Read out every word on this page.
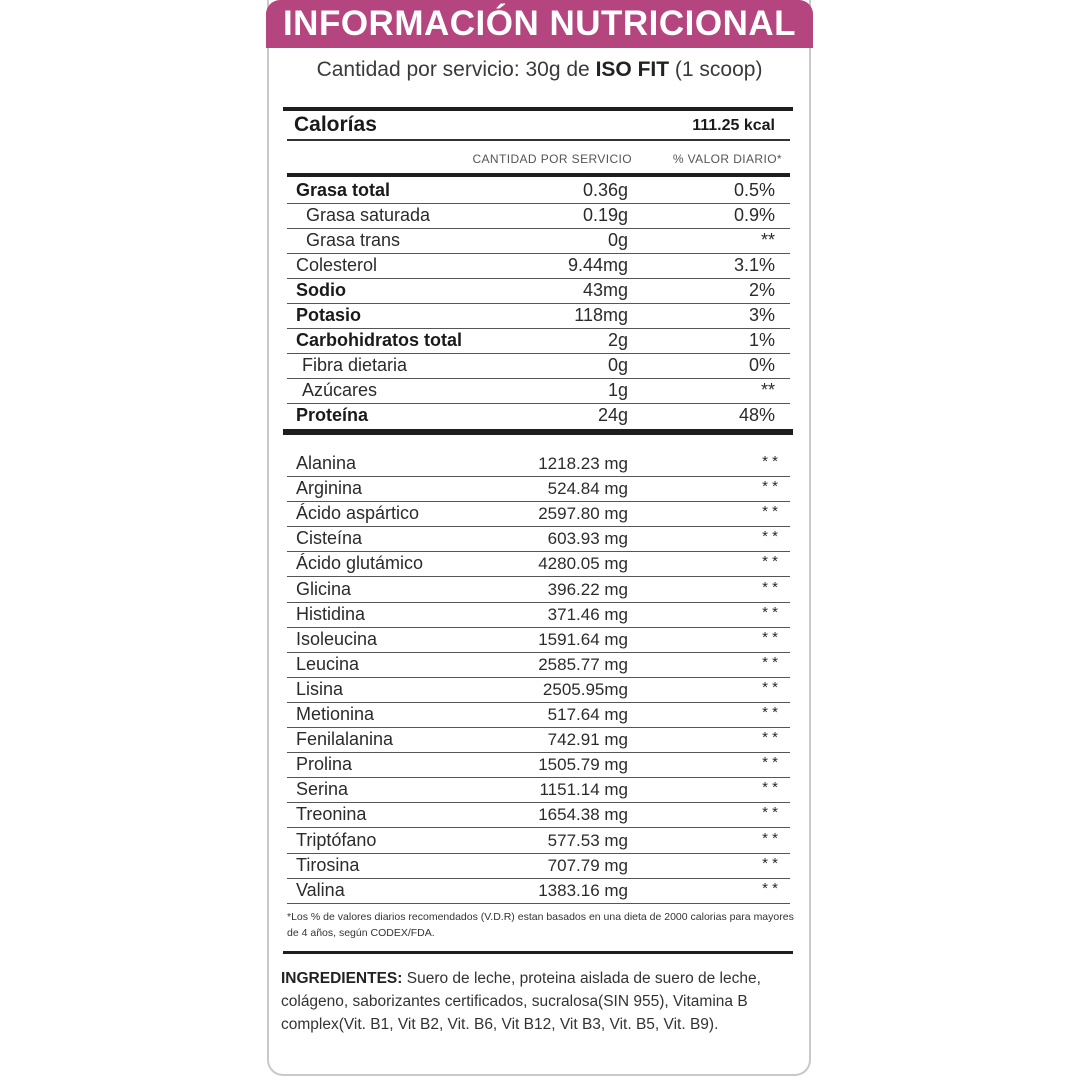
INFORMACIÓN NUTRICIONAL
Cantidad por servicio: 30g de ISO FIT (1 scoop)
Calorías	111.25 kcal
CANTIDAD POR SERVICIO	% VALOR DIARIO*
Grasa total	0.36g	0.5%
Grasa saturada	0.19g	0.9%
Grasa trans	0g	**
Colesterol	9.44mg	3.1%
Sodio	43mg	2%
Potasio	118mg	3%
Carbohidratos total	2g	1%
Fibra dietaria	0g	0%
Azúcares	1g	**
Proteína	24g	48%
Alanina	1218.23 mg	* *
Arginina	524.84 mg	* *
Ácido aspártico	2597.80 mg	* *
Cisteína	603.93 mg	* *
Ácido glutámico	4280.05 mg	* *
Glicina	396.22 mg	* *
Histidina	371.46 mg	* *
Isoleucina	1591.64 mg	* *
Leucina	2585.77 mg	* *
Lisina	2505.95mg	* *
Metionina	517.64 mg	* *
Fenilalanina	742.91 mg	* *
Prolina	1505.79 mg	* *
Serina	1151.14 mg	* *
Treonina	1654.38 mg	* *
Triptófano	577.53 mg	* *
Tirosina	707.79 mg	* *
Valina	1383.16 mg	* *
*Los % de valores diarios recomendados (V.D.R) estan basados en una dieta de 2000 calorias para mayores de 4 años, según CODEX/FDA.
INGREDIENTES: Suero de leche, proteina aislada de suero de leche, colágeno, saborizantes certificados, sucralosa(SIN 955), Vitamina B complex(Vit. B1, Vit B2, Vit. B6, Vit B12, Vit B3, Vit. B5, Vit. B9).
